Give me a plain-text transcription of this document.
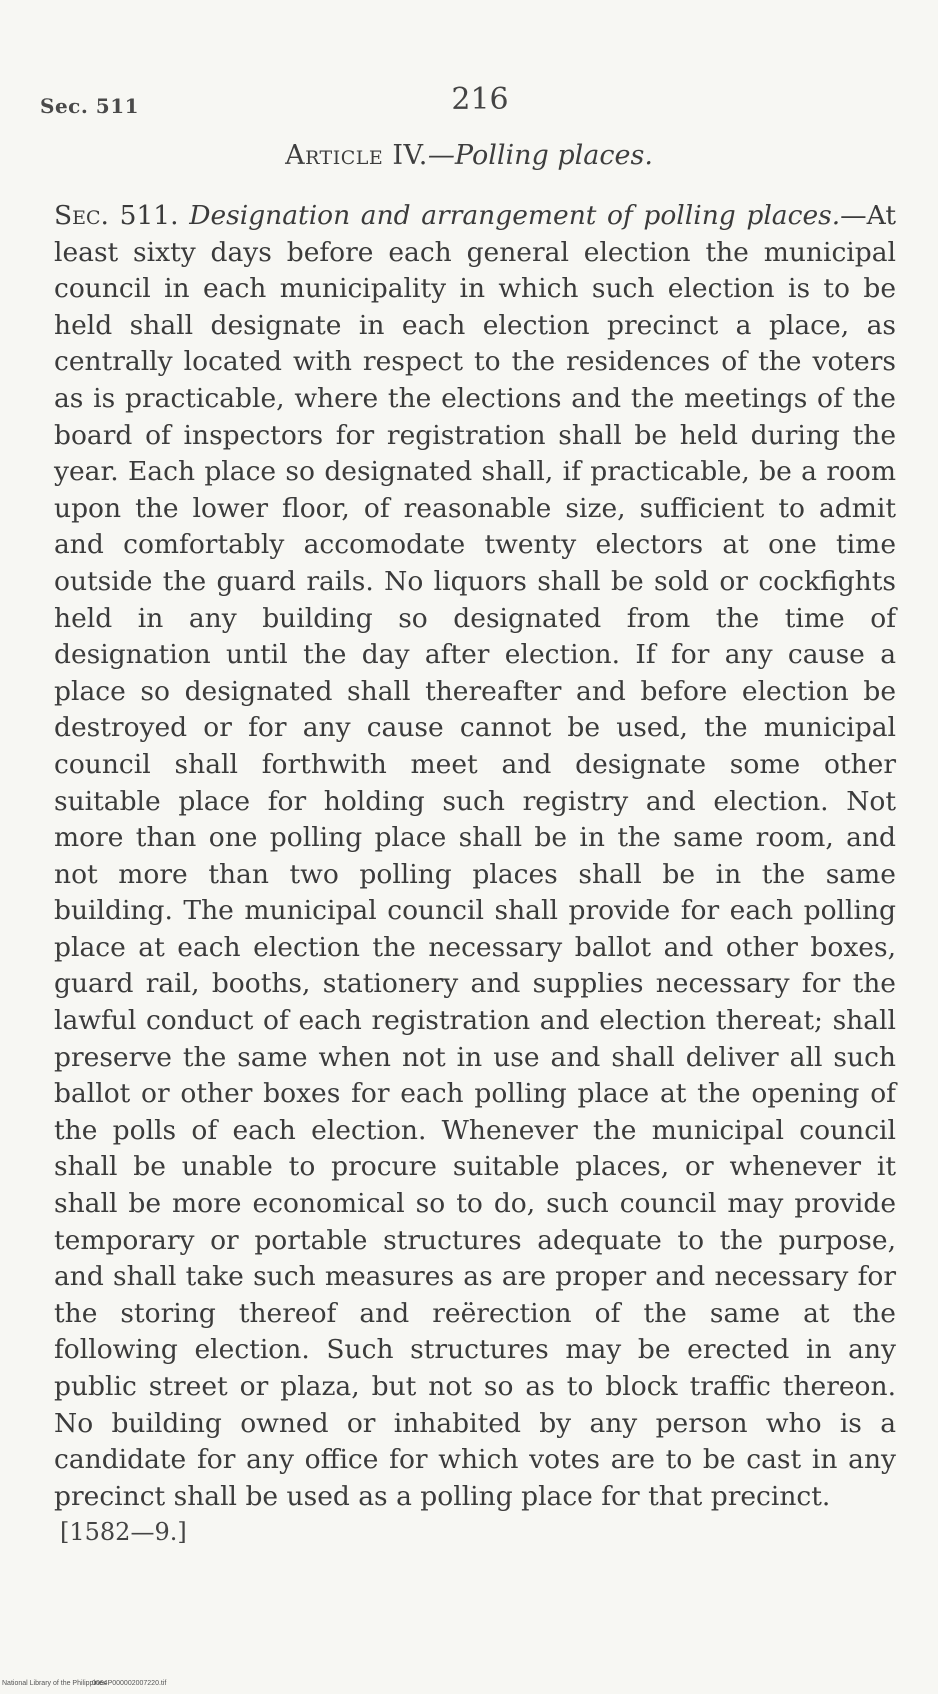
Sec. 511	216
Article IV.—Polling places.

Sec. 511. Designation and arrangement of polling places.—At least sixty days before each general election the municipal council in each municipality in which such election is to be held shall designate in each election precinct a place, as centrally located with respect to the residences of the voters as is practicable, where the elections and the meetings of the board of inspectors for registration shall be held during the year. Each place so designated shall, if practicable, be a room upon the lower floor, of reasonable size, sufficient to admit and comfortably accomodate twenty electors at one time outside the guard rails. No liquors shall be sold or cockfights held in any building so designated from the time of designation until the day after election. If for any cause a place so designated shall thereafter and before election be destroyed or for any cause cannot be used, the municipal council shall forthwith meet and designate some other suitable place for holding such registry and election. Not more than one polling place shall be in the same room, and not more than two polling places shall be in the same building. The municipal council shall provide for each polling place at each election the necessary ballot and other boxes, guard rail, booths, stationery and supplies necessary for the lawful conduct of each registration and election thereat; shall preserve the same when not in use and shall deliver all such ballot or other boxes for each polling place at the opening of the polls of each election. Whenever the municipal council shall be unable to procure suitable places, or whenever it shall be more economical so to do, such council may provide temporary or portable structures adequate to the purpose, and shall take such measures as are proper and necessary for the storing thereof and reërection of the same at the following election. Such structures may be erected in any public street or plaza, but not so as to block traffic thereon. No building owned or inhabited by any person who is a candidate for any office for which votes are to be cast in any precinct shall be used as a polling place for that precinct.

[1582—9.]
National Library of the Philippines
0064P000002007220.tif
